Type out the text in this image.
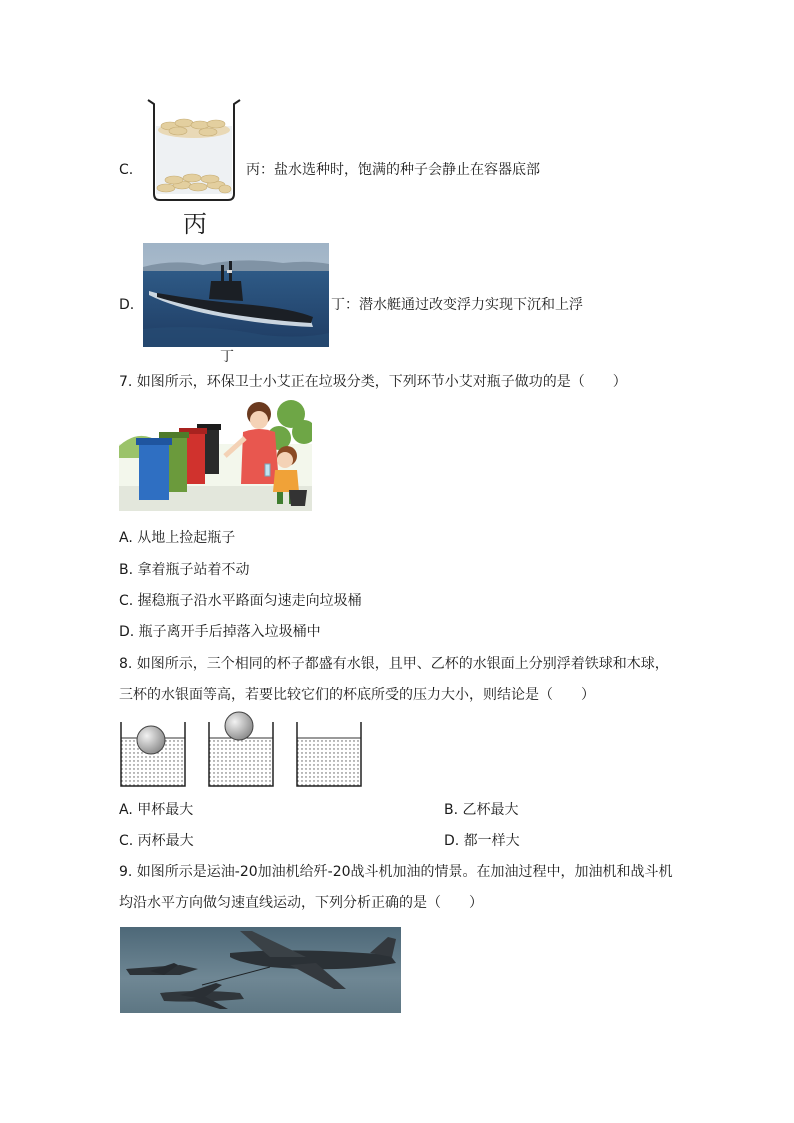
C.
丙
丙：盐水选种时，饱满的种子会静止在容器底部
D.
丁
丁：潜水艇通过改变浮力实现下沉和上浮
7. 如图所示，环保卫士小艾正在垃圾分类，下列环节小艾对瓶子做功的是（　　）
A. 从地上捡起瓶子
B. 拿着瓶子站着不动
C. 握稳瓶子沿水平路面匀速走向垃圾桶
D. 瓶子离开手后掉落入垃圾桶中
8. 如图所示，三个相同的杯子都盛有水银，且甲、乙杯的水银面上分别浮着铁球和木球，
三杯的水银面等高，若要比较它们的杯底所受的压力大小，则结论是（　　）
A. 甲杯最大	B. 乙杯最大
C. 丙杯最大	D. 都一样大
9. 如图所示是运油-20加油机给歼-20战斗机加油的情景。在加油过程中，加油机和战斗机
均沿水平方向做匀速直线运动，下列分析正确的是（　　）
